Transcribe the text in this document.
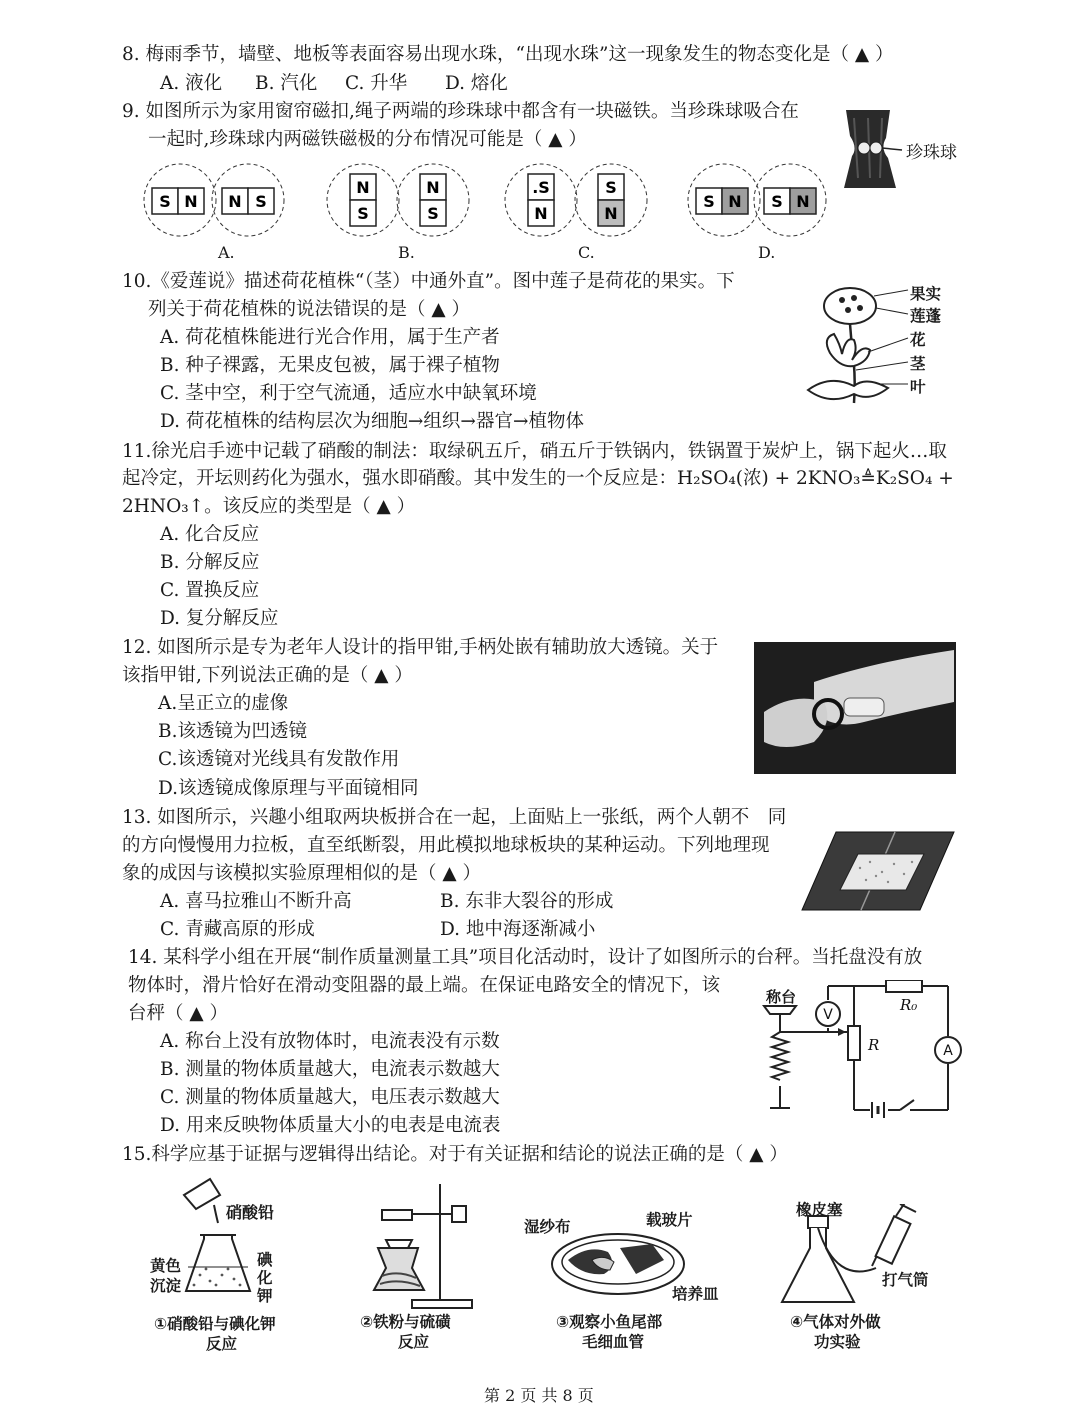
8. 梅雨季节，墙壁、地板等表面容易出现水珠，“出现水珠”这一现象发生的物态变化是（ ▲ ）
A. 液化 B. 汽化 C. 升华 D. 熔化
9. 如图所示为家用窗帘磁扣,绳子两端的珍珠球中都含有一块磁铁。当珍珠球吸合在
一起时,珍珠球内两磁铁磁极的分布情况可能是（ ▲ ）
珍珠球
S N N S
N
S
N
S
.S
N
S
N
S N S N
A.	B.	C.	D.
10.《爱莲说》描述荷花植株“（茎）中通外直”。图中莲子是荷花的果实。下
列关于荷花植株的说法错误的是（ ▲ ）
A. 荷花植株能进行光合作用，属于生产者
B. 种子裸露，无果皮包被，属于裸子植物
C. 茎中空，利于空气流通，适应水中缺氧环境
D. 荷花植株的结构层次为细胞→组织→器官→植物体
果实
莲蓬
花
茎
叶
11.徐光启手迹中记载了硝酸的制法：取绿矾五斤，硝五斤于铁锅内，铁锅置于炭炉上，锅下起火…取
起冷定，开坛则药化为强水，强水即硝酸。其中发生的一个反应是：H₂SO₄(浓) + 2KNO₃≜K₂SO₄ +
2HNO₃↑。该反应的类型是（ ▲ ）
A. 化合反应
B. 分解反应
C. 置换反应
D. 复分解反应
12. 如图所示是专为老年人设计的指甲钳,手柄处嵌有辅助放大透镜。关于
该指甲钳,下列说法正确的是（ ▲ ）
A.呈正立的虚像
B.该透镜为凹透镜
C.该透镜对光线具有发散作用
D.该透镜成像原理与平面镜相同
13. 如图所示，兴趣小组取两块板拼合在一起，上面贴上一张纸，两个人朝不　同
的方向慢慢用力拉板，直至纸断裂，用此模拟地球板块的某种运动。下列地理现
象的成因与该模拟实验原理相似的是（ ▲ ）
A. 喜马拉雅山不断升高	B. 东非大裂谷的形成
C. 青藏高原的形成	D. 地中海逐渐减小
14. 某科学小组在开展“制作质量测量工具”项目化活动时，设计了如图所示的台秤。当托盘没有放
物体时，滑片恰好在滑动变阻器的最上端。在保证电路安全的情况下，该
台秤（ ▲ ）
A. 称台上没有放物体时，电流表没有示数
B. 测量的物体质量越大，电流表示数越大
C. 测量的物体质量越大，电压表示数越大
D. 用来反映物体质量大小的电表是电流表
V
A
R
R₀
称台
15.科学应基于证据与逻辑得出结论。对于有关证据和结论的说法正确的是（ ▲ ）
硝酸铅
黄色
沉淀
碘
化
钾
①硝酸铅与碘化钾
反应
②铁粉与硫磺
反应
湿纱布	载玻片
培养皿
③观察小鱼尾部
毛细血管
橡皮塞
打气筒
④气体对外做
功实验
第 2 页 共 8 页
